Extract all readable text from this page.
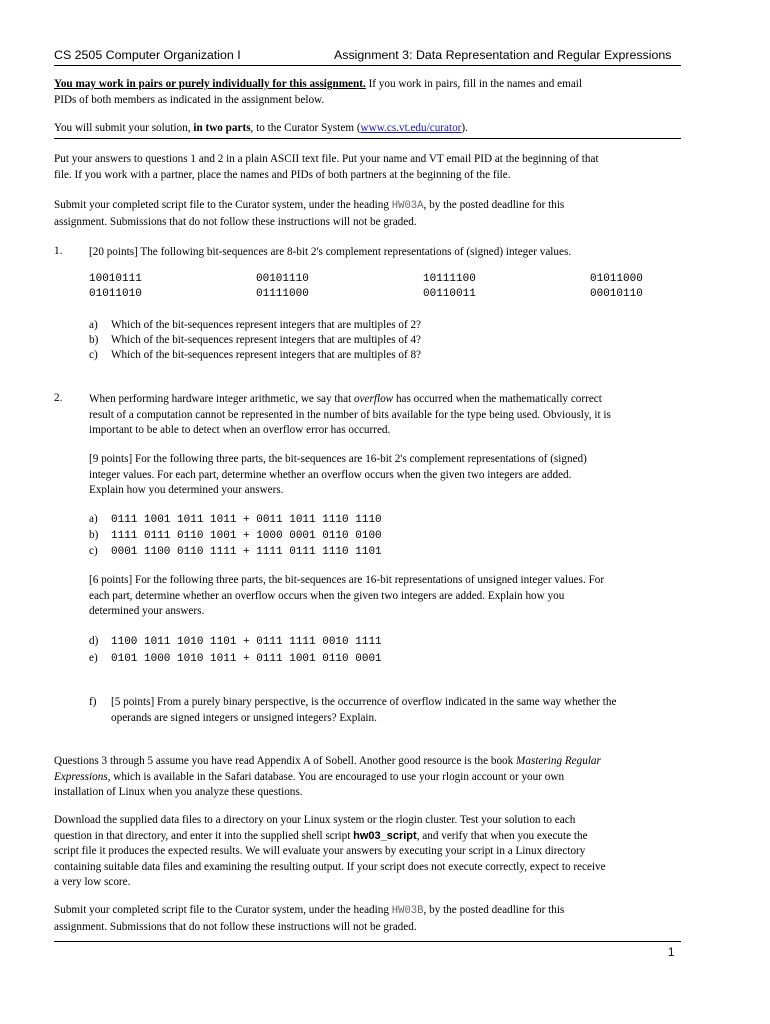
CS 2505 Computer Organization I	Assignment 3: Data Representation and Regular Expressions
You may work in pairs or purely individually for this assignment. If you work in pairs, fill in the names and email
PIDs of both members as indicated in the assignment below.
You will submit your solution, in two parts, to the Curator System (www.cs.vt.edu/curator).
Put your answers to questions 1 and 2 in a plain ASCII text file. Put your name and VT email PID at the beginning of that
file. If you work with a partner, place the names and PIDs of both partners at the beginning of the file.
Submit your completed script file to the Curator system, under the heading HW03A, by the posted deadline for this
assignment. Submissions that do not follow these instructions will not be graded.
1. [20 points] The following bit-sequences are 8-bit 2's complement representations of (signed) integer values.
10010111	00101110	10111100	01011000
01011010	01111000	00110011	00010110
a) Which of the bit-sequences represent integers that are multiples of 2?
b) Which of the bit-sequences represent integers that are multiples of 4?
c) Which of the bit-sequences represent integers that are multiples of 8?
2. When performing hardware integer arithmetic, we say that overflow has occurred when the mathematically correct
result of a computation cannot be represented in the number of bits available for the type being used. Obviously, it is
important to be able to detect when an overflow error has occurred.
[9 points] For the following three parts, the bit-sequences are 16-bit 2's complement representations of (signed)
integer values. For each part, determine whether an overflow occurs when the given two integers are added.
Explain how you determined your answers.
a) 0111 1001 1011 1011 + 0011 1011 1110 1110
b) 1111 0111 0110 1001 + 1000 0001 0110 0100
c) 0001 1100 0110 1111 + 1111 0111 1110 1101
[6 points] For the following three parts, the bit-sequences are 16-bit representations of unsigned integer values. For
each part, determine whether an overflow occurs when the given two integers are added. Explain how you
determined your answers.
d) 1100 1011 1010 1101 + 0111 1111 0010 1111
e) 0101 1000 1010 1011 + 0111 1001 0110 0001
f) [5 points] From a purely binary perspective, is the occurrence of overflow indicated in the same way whether the
operands are signed integers or unsigned integers? Explain.
Questions 3 through 5 assume you have read Appendix A of Sobell. Another good resource is the book Mastering Regular
Expressions, which is available in the Safari database. You are encouraged to use your rlogin account or your own
installation of Linux when you analyze these questions.
Download the supplied data files to a directory on your Linux system or the rlogin cluster. Test your solution to each
question in that directory, and enter it into the supplied shell script hw03_script, and verify that when you execute the
script file it produces the expected results. We will evaluate your answers by executing your script in a Linux directory
containing suitable data files and examining the resulting output. If your script does not execute correctly, expect to receive
a very low score.
Submit your completed script file to the Curator system, under the heading HW03B, by the posted deadline for this
assignment. Submissions that do not follow these instructions will not be graded.
1
